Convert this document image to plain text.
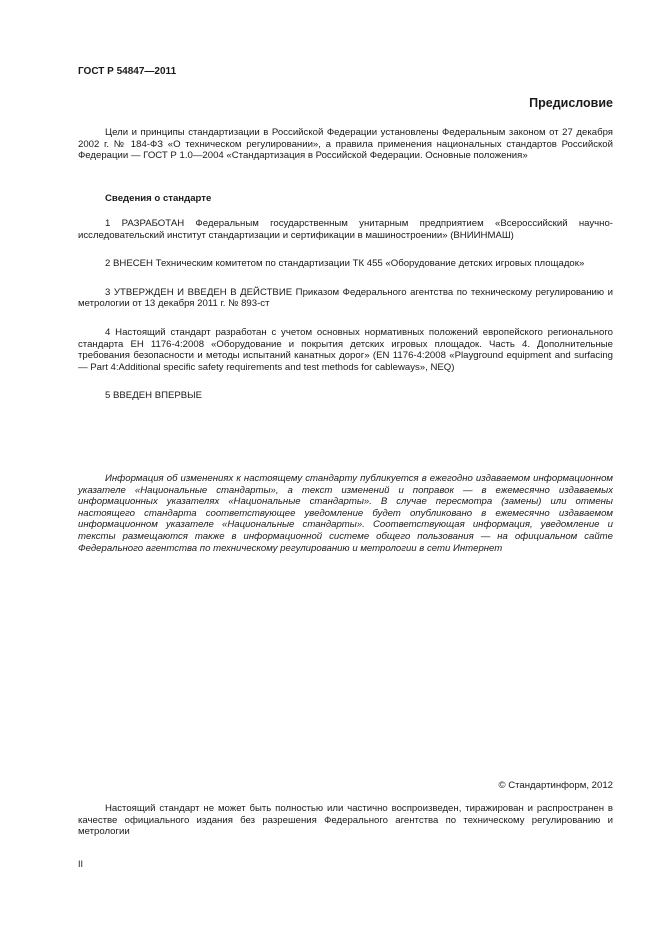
ГОСТ Р 54847—2011
Предисловие

Цели и принципы стандартизации в Российской Федерации установлены Федеральным законом от 27 декабря 2002 г. № 184-ФЗ «О техническом регулировании», а правила применения национальных стандартов Российской Федерации — ГОСТ Р 1.0—2004 «Стандартизация в Российской Федерации. Основные положения»

Сведения о стандарте

1 РАЗРАБОТАН Федеральным государственным унитарным предприятием «Всероссийский научно-исследовательский институт стандартизации и сертификации в машиностроении» (ВНИИНМАШ)

2 ВНЕСЕН Техническим комитетом по стандартизации ТК 455 «Оборудование детских игровых площадок»

3 УТВЕРЖДЕН И ВВЕДЕН В ДЕЙСТВИЕ Приказом Федерального агентства по техническому регулированию и метрологии от 13 декабря 2011 г. № 893-ст

4 Настоящий стандарт разработан с учетом основных нормативных положений европейского регионального стандарта ЕН 1176-4:2008 «Оборудование и покрытия детских игровых площадок. Часть 4. Дополнительные требования безопасности и методы испытаний канатных дорог» (EN 1176-4:2008 «Playground equipment and surfacing — Part 4:Additional specific safety requirements and test methods for cableways», NEQ)

5 ВВЕДЕН ВПЕРВЫЕ

Информация об изменениях к настоящему стандарту публикуется в ежегодно издаваемом информационном указателе «Национальные стандарты», а текст изменений и поправок — в ежемесячно издаваемых информационных указателях «Национальные стандарты». В случае пересмотра (замены) или отмены настоящего стандарта соответствующее уведомление будет опубликовано в ежемесячно издаваемом информационном указателе «Национальные стандарты». Соответствующая информация, уведомление и тексты размещаются также в информационной системе общего пользования — на официальном сайте Федерального агентства по техническому регулированию и метрологии в сети Интернет

© Стандартинформ, 2012

Настоящий стандарт не может быть полностью или частично воспроизведен, тиражирован и распространен в качестве официального издания без разрешения Федерального агентства по техническому регулированию и метрологии

II
